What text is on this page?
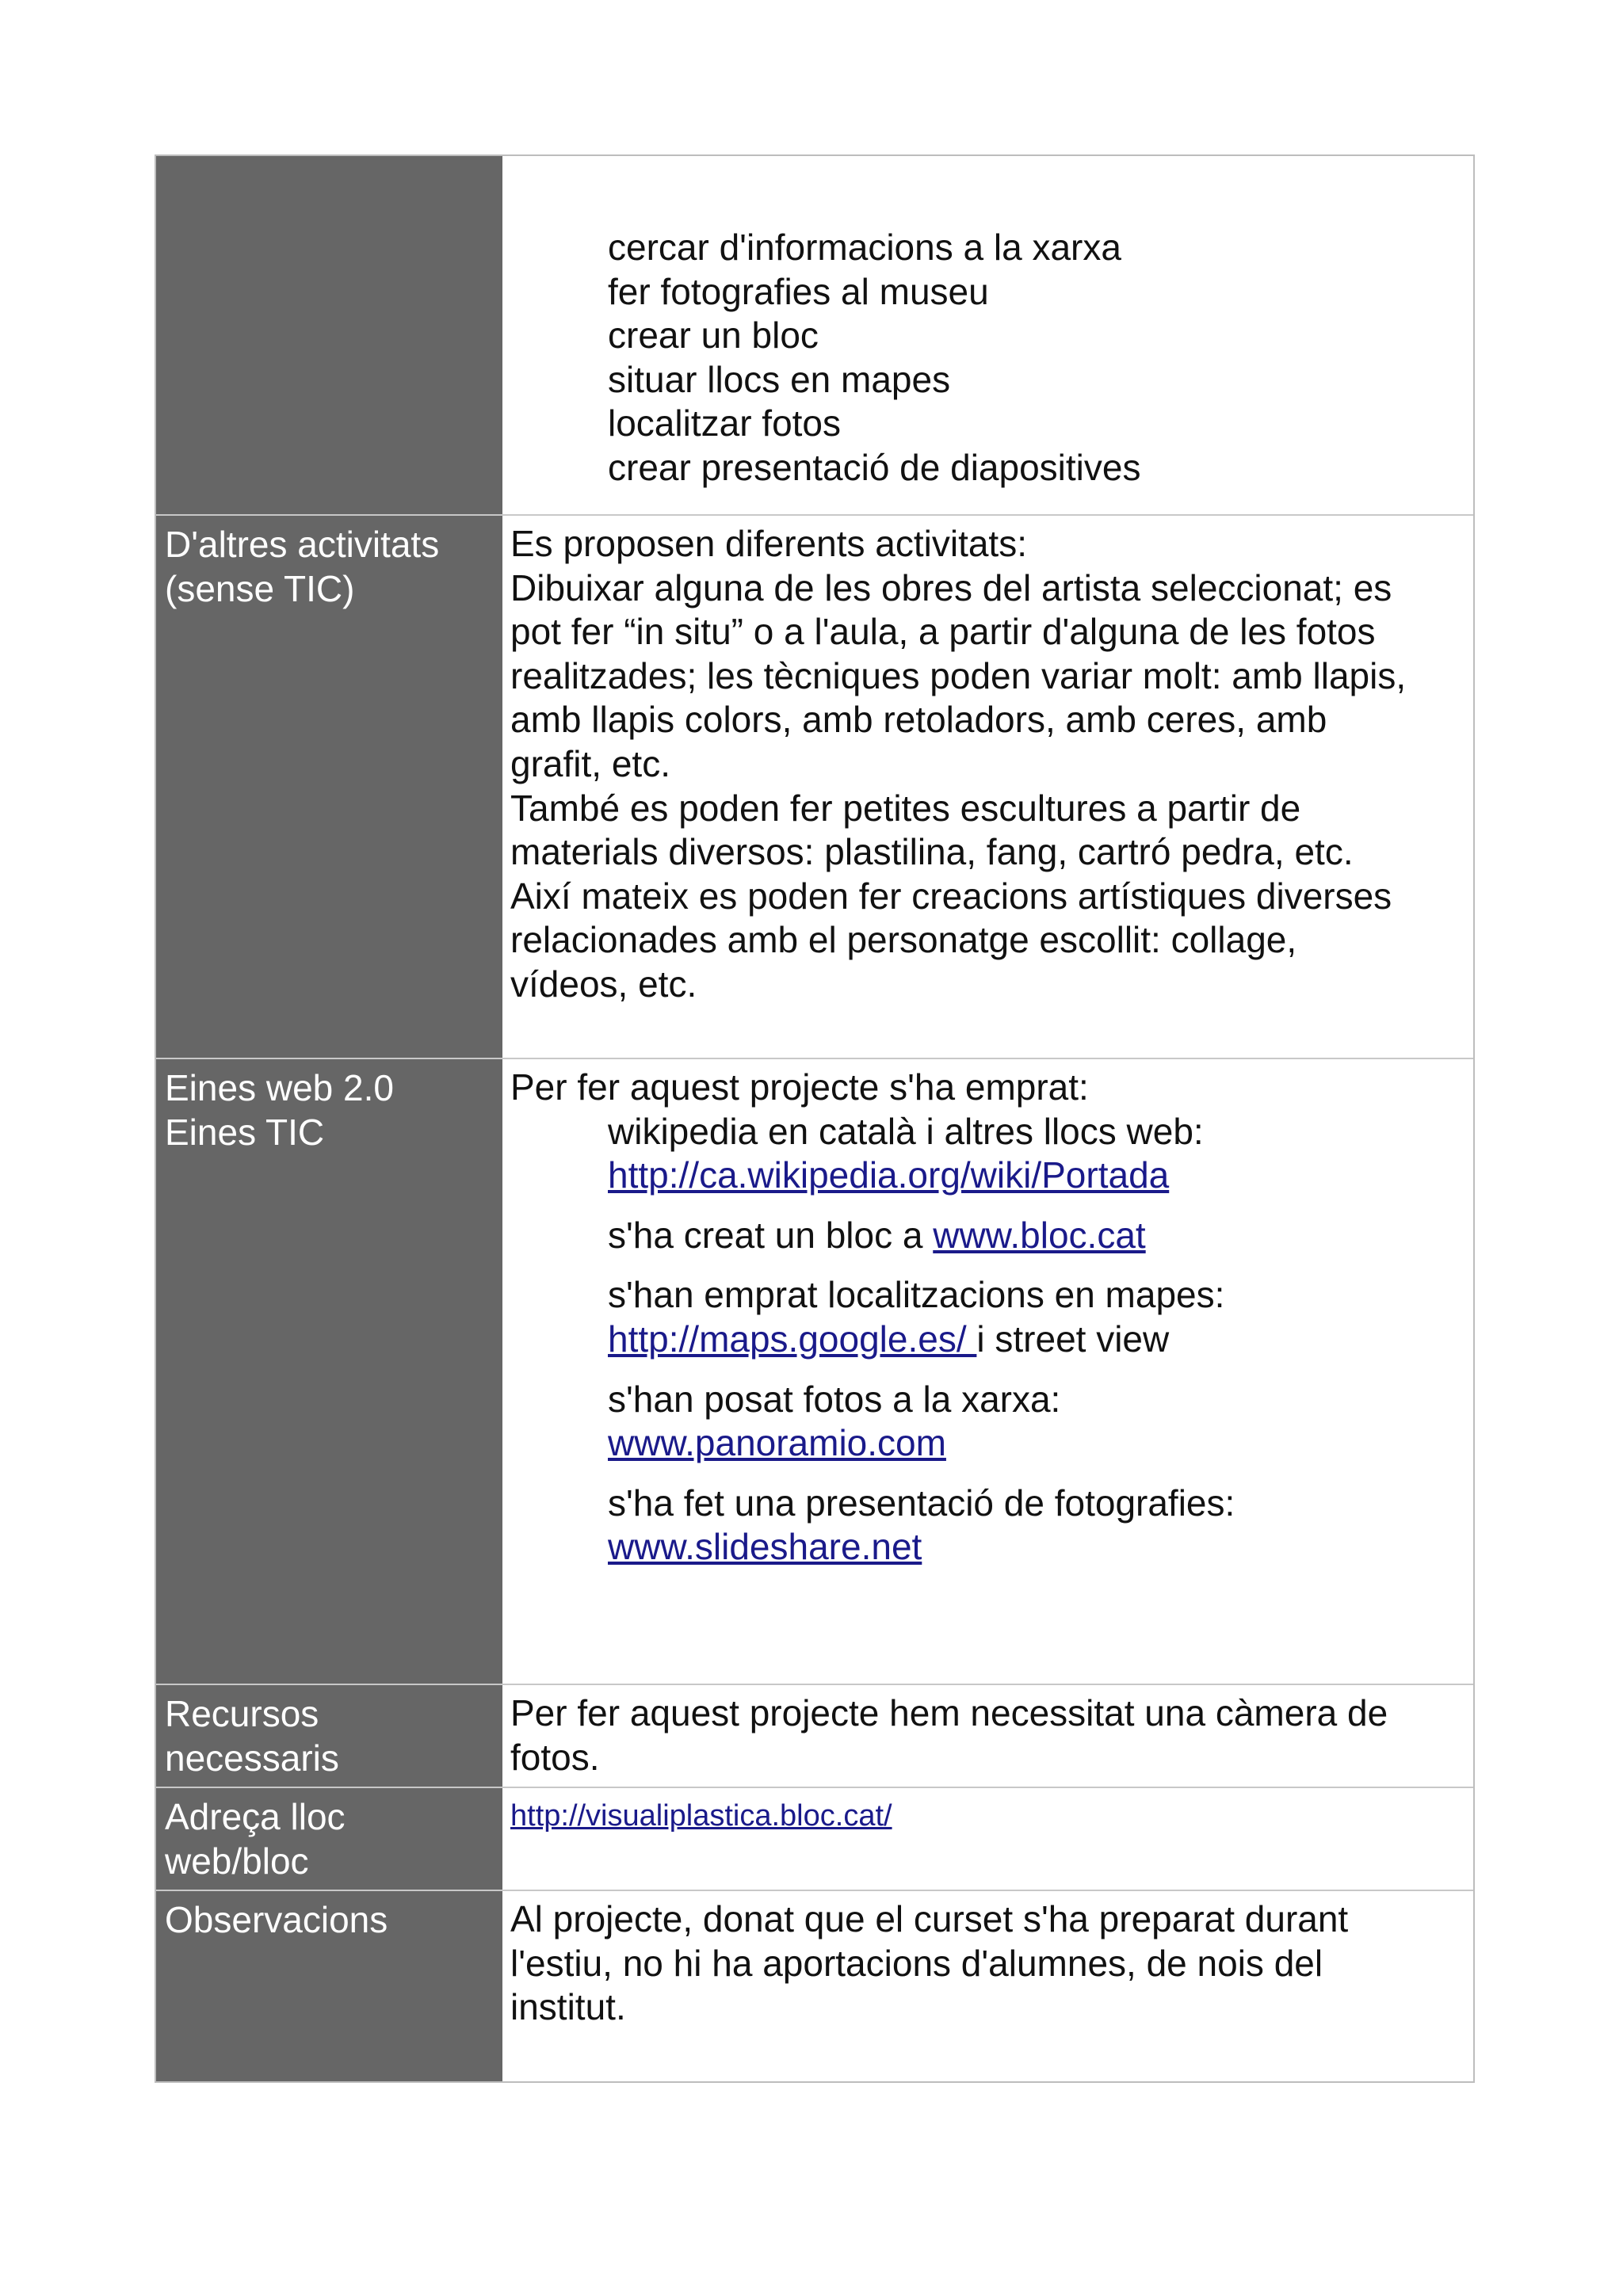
cercar d'informacions a la xarxa
fer fotografies al museu
crear un bloc
situar llocs en mapes
localitzar fotos
crear presentació de diapositives
D'altres activitats
(sense TIC)
Es proposen diferents activitats:
Dibuixar alguna de les obres del artista seleccionat; es
pot fer “in situ” o a l'aula, a partir d'alguna de les fotos
realitzades; les tècniques poden variar molt: amb llapis,
amb llapis colors, amb retoladors, amb ceres, amb
grafit, etc.
També es poden fer petites escultures a partir de
materials diversos: plastilina, fang, cartró pedra, etc.
Així mateix es poden fer creacions artístiques diverses
relacionades amb el personatge escollit: collage,
vídeos, etc.
Eines web 2.0
Eines TIC
Per fer aquest projecte s'ha emprat:
wikipedia en català i altres llocs web:
http://ca.wikipedia.org/wiki/Portada
s'ha creat un bloc a www.bloc.cat
s'han emprat localitzacions en mapes:
http://maps.google.es/ i street view
s'han posat fotos a la xarxa:
www.panoramio.com
s'ha fet una presentació de fotografies:
www.slideshare.net
Recursos
necessaris
Per fer aquest projecte hem necessitat una càmera de
fotos.
Adreça lloc
web/bloc
http://visualiplastica.bloc.cat/
Observacions	Al projecte, donat que el curset s'ha preparat durant
l'estiu, no hi ha aportacions d'alumnes, de nois del
institut.
